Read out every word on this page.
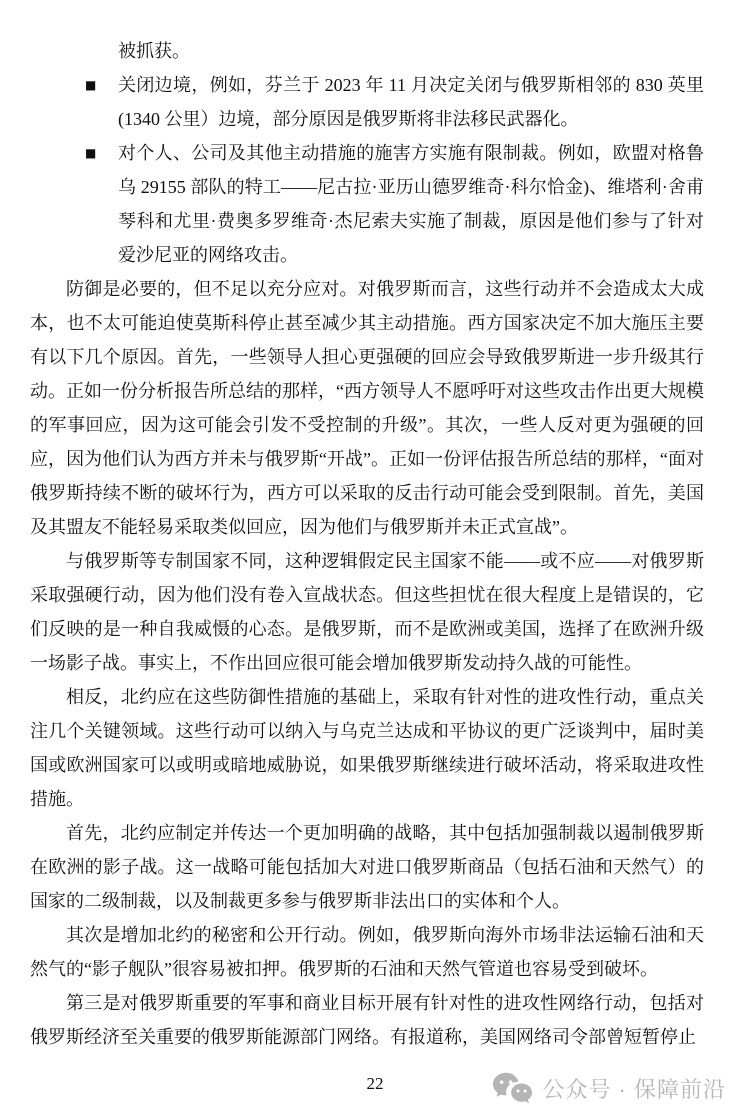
被抓获。
■ 关闭边境，例如，芬兰于 2023 年 11 月决定关闭与俄罗斯相邻的 830 英里(1340 公里）边境，部分原因是俄罗斯将非法移民武器化。
■ 对个人、公司及其他主动措施的施害方实施有限制裁。例如，欧盟对格鲁乌 29155 部队的特工——尼古拉·亚历山德罗维奇·科尔恰金)、维塔利·舍甫琴科和尤里·费奥多罗维奇·杰尼索夫实施了制裁，原因是他们参与了针对爱沙尼亚的网络攻击。
防御是必要的，但不足以充分应对。对俄罗斯而言，这些行动并不会造成太大成本，也不太可能迫使莫斯科停止甚至减少其主动措施。西方国家决定不加大施压主要有以下几个原因。首先，一些领导人担心更强硬的回应会导致俄罗斯进一步升级其行动。正如一份分析报告所总结的那样，“西方领导人不愿呼吁对这些攻击作出更大规模的军事回应，因为这可能会引发不受控制的升级”。其次，一些人反对更为强硬的回应，因为他们认为西方并未与俄罗斯“开战”。正如一份评估报告所总结的那样，“面对俄罗斯持续不断的破坏行为，西方可以采取的反击行动可能会受到限制。首先，美国及其盟友不能轻易采取类似回应，因为他们与俄罗斯并未正式宣战”。
与俄罗斯等专制国家不同，这种逻辑假定民主国家不能——或不应——对俄罗斯采取强硬行动，因为他们没有卷入宣战状态。但这些担忧在很大程度上是错误的，它们反映的是一种自我威慑的心态。是俄罗斯，而不是欧洲或美国，选择了在欧洲升级一场影子战。事实上，不作出回应很可能会增加俄罗斯发动持久战的可能性。
相反，北约应在这些防御性措施的基础上，采取有针对性的进攻性行动，重点关注几个关键领域。这些行动可以纳入与乌克兰达成和平协议的更广泛谈判中，届时美国或欧洲国家可以或明或暗地威胁说，如果俄罗斯继续进行破坏活动，将采取进攻性措施。
首先，北约应制定并传达一个更加明确的战略，其中包括加强制裁以遏制俄罗斯在欧洲的影子战。这一战略可能包括加大对进口俄罗斯商品（包括石油和天然气）的国家的二级制裁，以及制裁更多参与俄罗斯非法出口的实体和个人。
其次是增加北约的秘密和公开行动。例如，俄罗斯向海外市场非法运输石油和天然气的“影子舰队”很容易被扣押。俄罗斯的石油和天然气管道也容易受到破坏。
第三是对俄罗斯重要的军事和商业目标开展有针对性的进攻性网络行动，包括对俄罗斯经济至关重要的俄罗斯能源部门网络。有报道称，美国网络司令部曾短暂停止
22	公众号 · 保障前沿
